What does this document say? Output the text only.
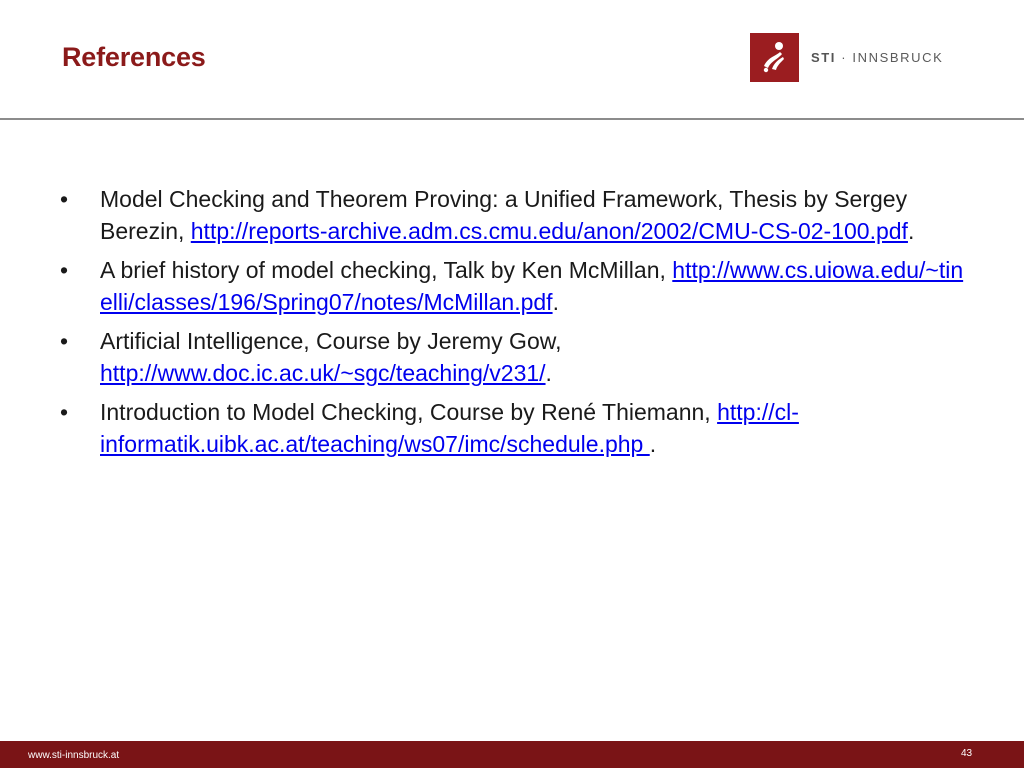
References	STI · INNSBRUCK
• Model Checking and Theorem Proving: a Unified Framework, Thesis by Sergey Berezin, http://reports-archive.adm.cs.cmu.edu/anon/2002/CMU-CS-02-100.pdf.
• A brief history of model checking, Talk by Ken McMillan, http://www.cs.uiowa.edu/~tinelli/classes/196/Spring07/notes/McMillan.pdf.
• Artificial Intelligence, Course by Jeremy Gow, http://www.doc.ic.ac.uk/~sgc/teaching/v231/.
• Introduction to Model Checking, Course by René Thiemann, http://cl-informatik.uibk.ac.at/teaching/ws07/imc/schedule.php .
www.sti-innsbruck.at	43
